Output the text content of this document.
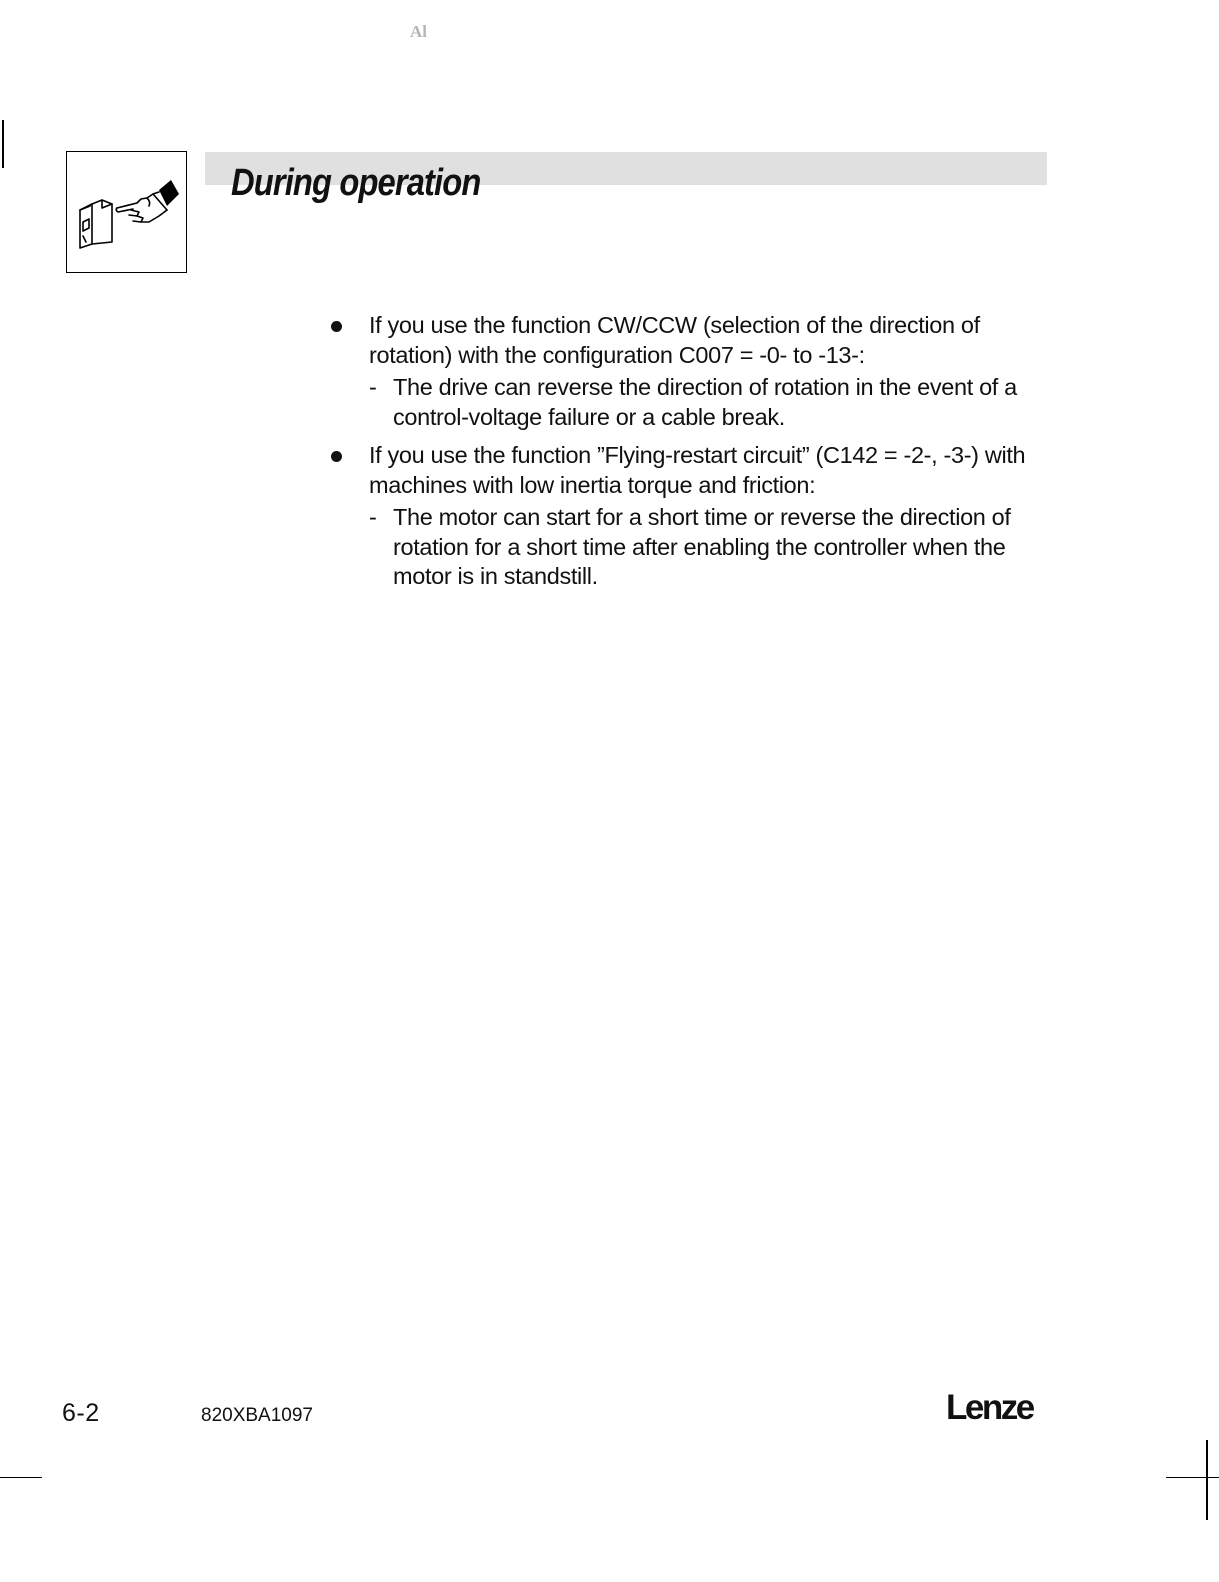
Al
During operation
If you use the function CW/CCW (selection of the direction of rotation) with the configuration C007 = -0- to -13-:
- The drive can reverse the direction of rotation in the event of a control-voltage failure or a cable break.
If you use the function ”Flying-restart circuit” (C142 = -2-, -3-) with machines with low inertia torque and friction:
- The motor can start for a short time or reverse the direction of rotation for a short time after enabling the controller when the motor is in standstill.
6-2	820XBA1097	Lenze
